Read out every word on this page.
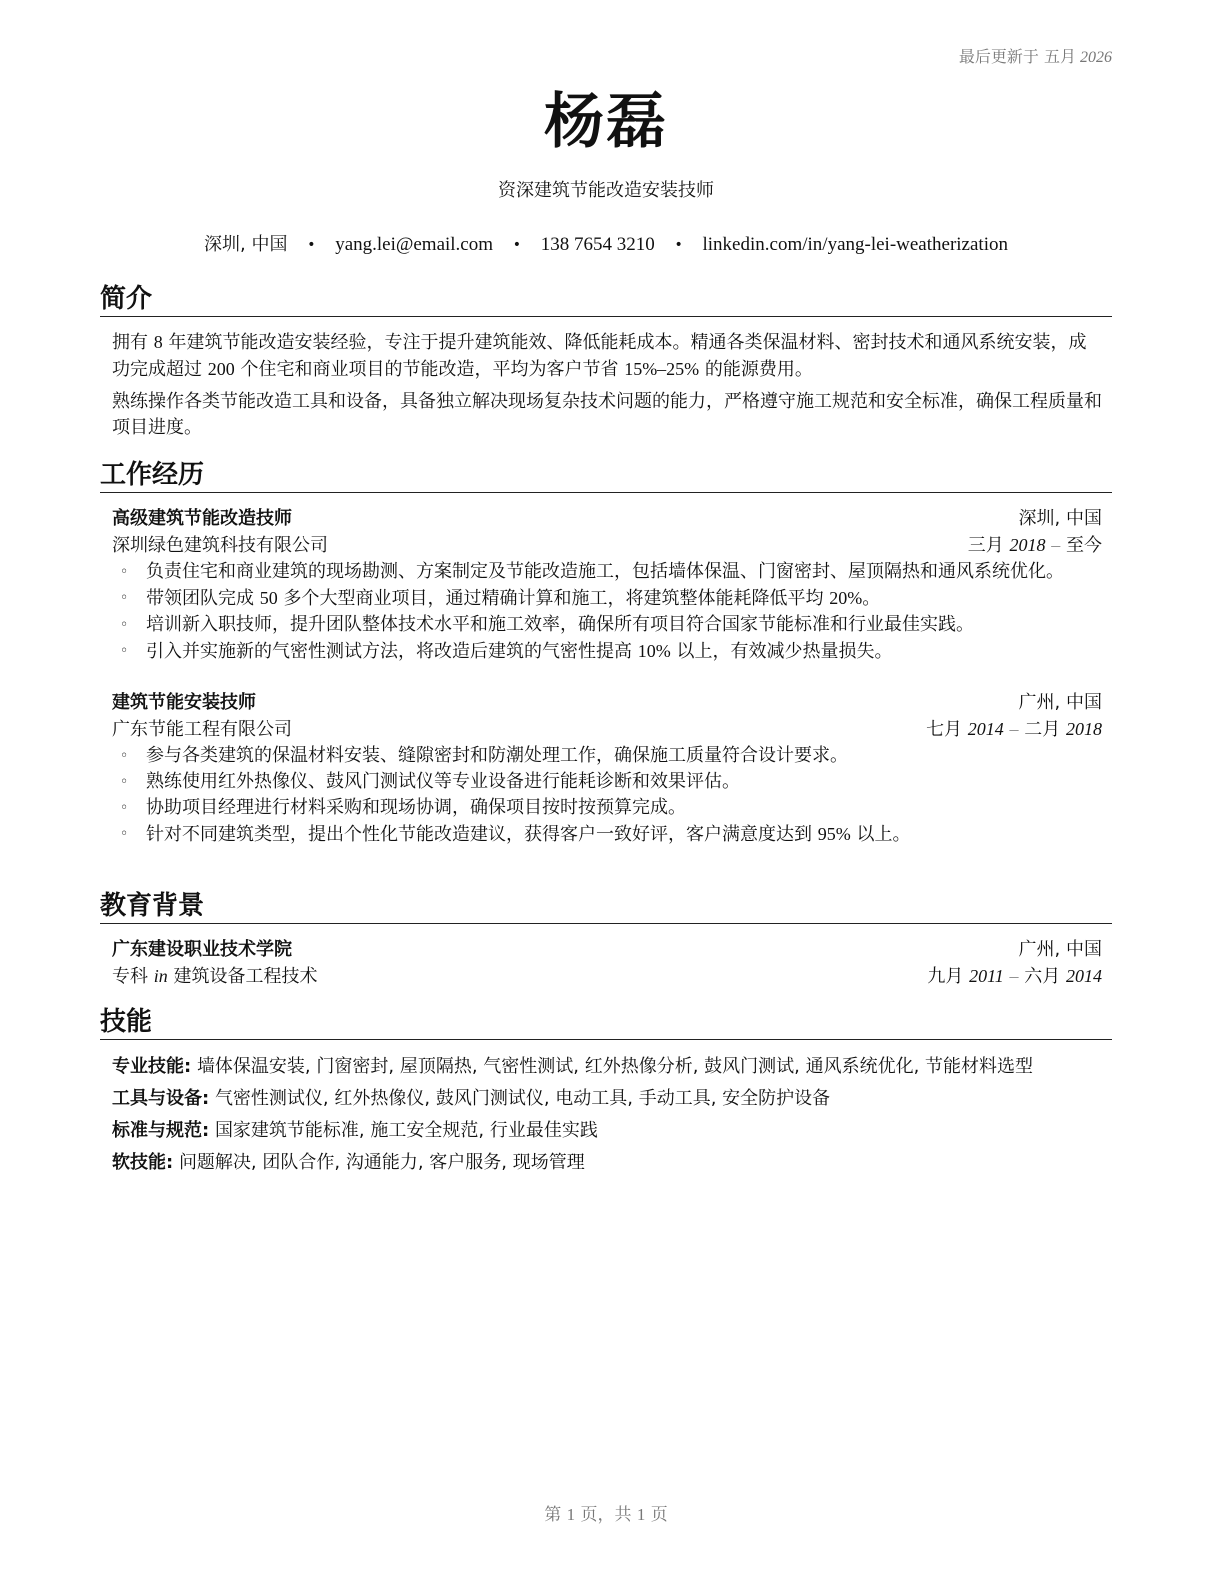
最后更新于 五月 2026
杨磊
资深建筑节能改造安装技师
深圳, 中国 • yang.lei@email.com • 138 7654 3210 • linkedin.com/in/yang-lei-weatherization
简介

拥有 8 年建筑节能改造安装经验，专注于提升建筑能效、降低能耗成本。精通各类保温材料、密封技术和通风系统安装，成功完成超过 200 个住宅和商业项目的节能改造，平均为客户节省 15%–25% 的能源费用。

熟练操作各类节能改造工具和设备，具备独立解决现场复杂技术问题的能力，严格遵守施工规范和安全标准，确保工程质量和项目进度。

工作经历
高级建筑节能改造技师	深圳, 中国
深圳绿色建筑科技有限公司	三月 2018 – 至今
◦ 负责住宅和商业建筑的现场勘测、方案制定及节能改造施工，包括墙体保温、门窗密封、屋顶隔热和通风系统优化。
◦ 带领团队完成 50 多个大型商业项目，通过精确计算和施工，将建筑整体能耗降低平均 20%。
◦ 培训新入职技师，提升团队整体技术水平和施工效率，确保所有项目符合国家节能标准和行业最佳实践。
◦ 引入并实施新的气密性测试方法，将改造后建筑的气密性提高 10% 以上，有效减少热量损失。
建筑节能安装技师	广州, 中国
广东节能工程有限公司	七月 2014 – 二月 2018
◦ 参与各类建筑的保温材料安装、缝隙密封和防潮处理工作，确保施工质量符合设计要求。
◦ 熟练使用红外热像仪、鼓风门测试仪等专业设备进行能耗诊断和效果评估。
◦ 协助项目经理进行材料采购和现场协调，确保项目按时按预算完成。
◦ 针对不同建筑类型，提出个性化节能改造建议，获得客户一致好评，客户满意度达到 95% 以上。
教育背景
广东建设职业技术学院	广州, 中国
专科 in 建筑设备工程技术	九月 2011 – 六月 2014
技能
专业技能: 墙体保温安装, 门窗密封, 屋顶隔热, 气密性测试, 红外热像分析, 鼓风门测试, 通风系统优化, 节能材料选型
工具与设备: 气密性测试仪, 红外热像仪, 鼓风门测试仪, 电动工具, 手动工具, 安全防护设备
标准与规范: 国家建筑节能标准, 施工安全规范, 行业最佳实践
软技能: 问题解决, 团队合作, 沟通能力, 客户服务, 现场管理
第 1 页，共 1 页
